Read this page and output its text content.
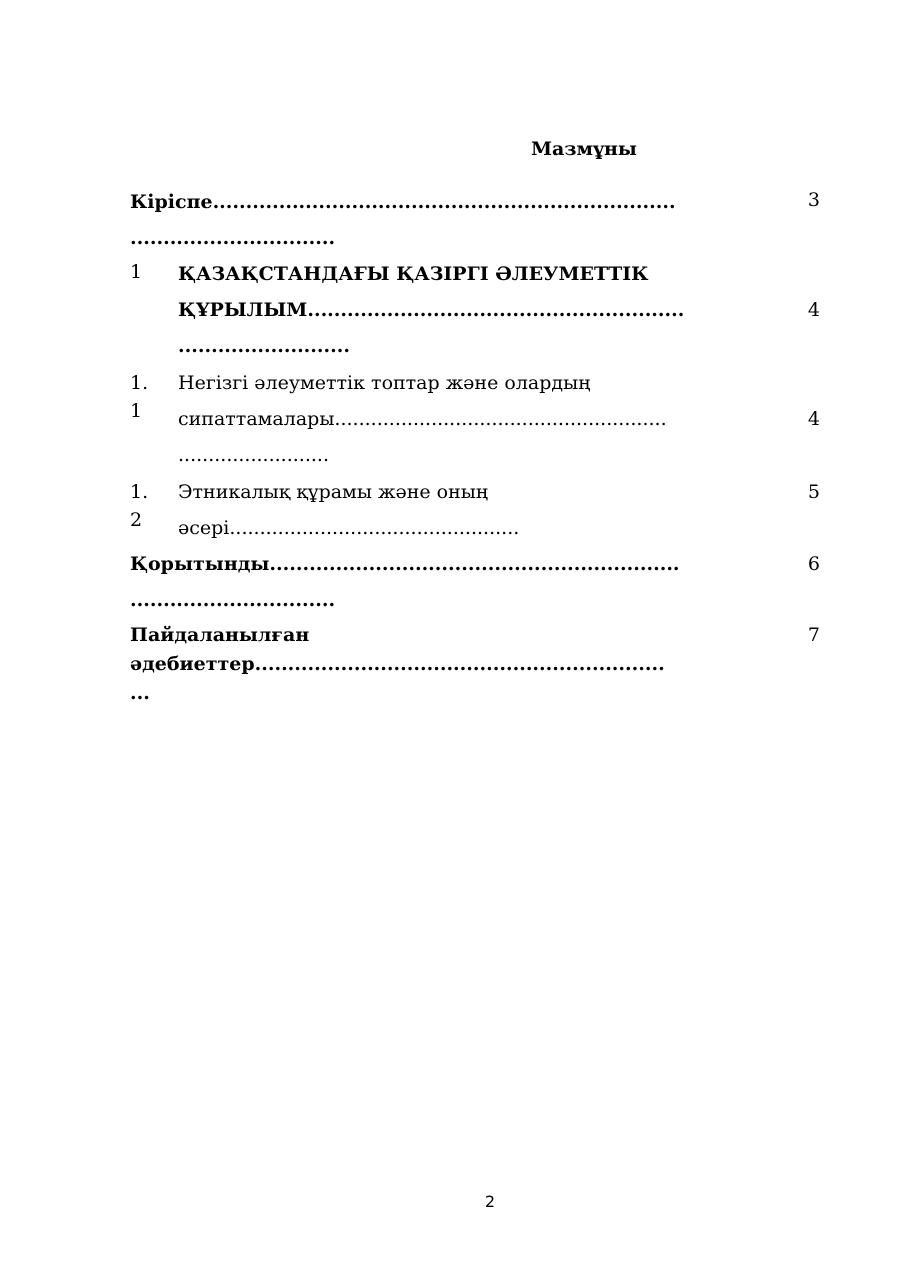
Мазмұны
Кіріспе......................................................................
...............................
3
1	ҚАЗАҚСТАНДАҒЫ ҚАЗІРГІ ӘЛЕУМЕТТІК
ҚҰРЫЛЫМ.........................................................
..........................
4
1.
1
Негізгі әлеуметтік топтар және олардың
сипаттамалары.......................................................
.........................
4
1.
2
Этникалық құрамы және оның
әсері................................................
5
Қорытынды..............................................................
...............................
6
Пайдаланылған
әдебиеттер..............................................................
...
7
2
